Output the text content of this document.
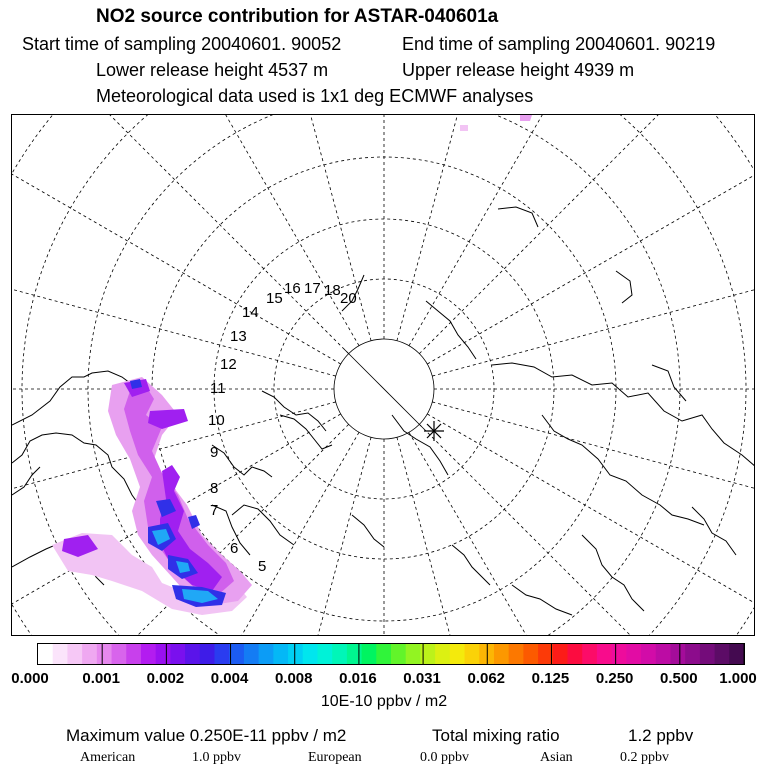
NO2 source contribution for ASTAR-040601a
Start time of sampling 20040601. 90052	End time of sampling 20040601. 90219
Lower release height 4537 m	Upper release height 4939 m
Meteorological data used is 1x1 deg ECMWF analyses
5
6
7
8
9
10
11
12
13
14
15
16 17 18 20
0.000 0.001 0.002 0.004 0.008 0.016 0.031 0.062 0.125 0.250 0.500 1.000
10E-10 ppbv / m2
Maximum value 0.250E-11 ppbv / m2	Total mixing ratio	1.2 ppbv
American	1.0 ppbv	European	0.0 ppbv	Asian	0.2 ppbv
